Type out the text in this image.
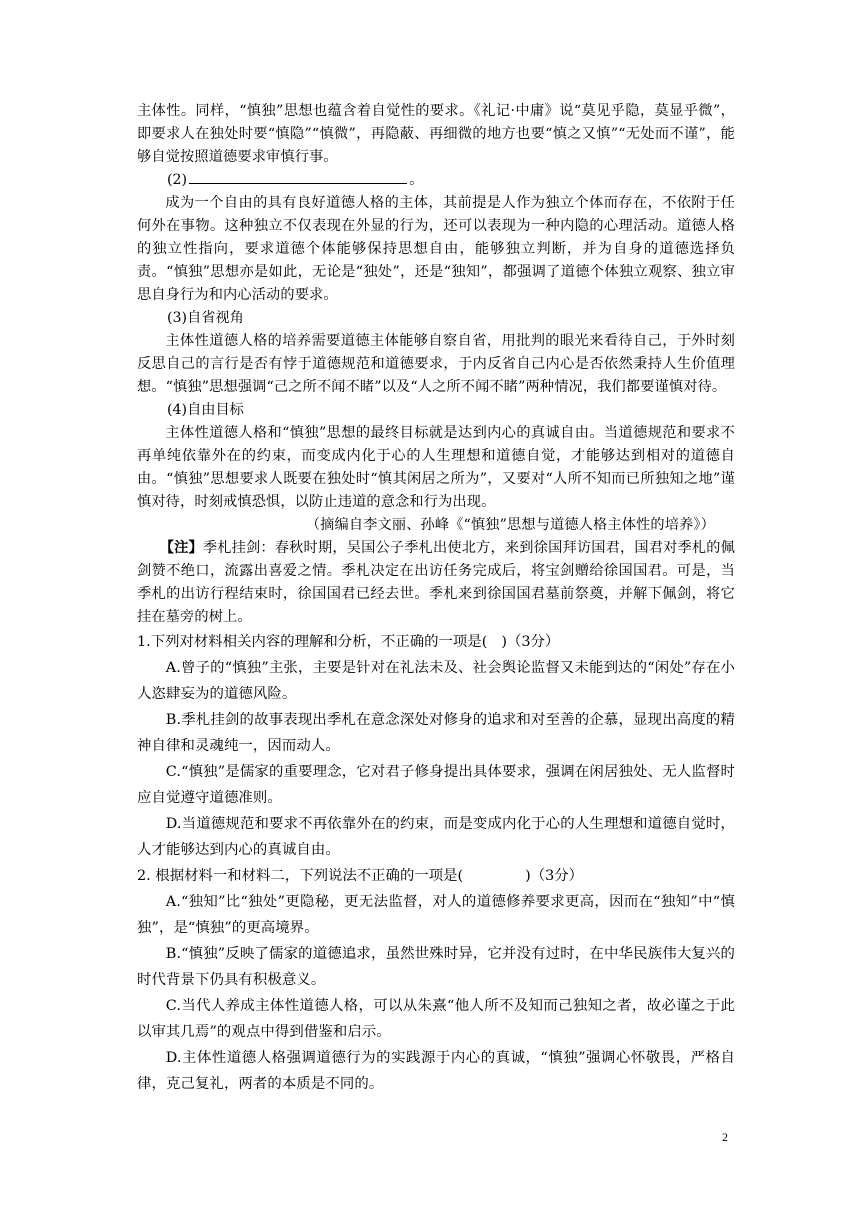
主体性。同样，“慎独”思想也蕴含着自觉性的要求。《礼记·中庸》说“莫见乎隐，莫显乎微”，即要求人在独处时要“慎隐”“慎微”，再隐蔽、再细微的地方也要“慎之又慎”“无处而不谨”，能够自觉按照道德要求审慎行事。

(2)	。

成为一个自由的具有良好道德人格的主体，其前提是人作为独立个体而存在，不依附于任何外在事物。这种独立不仅表现在外显的行为，还可以表现为一种内隐的心理活动。道德人格的独立性指向，要求道德个体能够保持思想自由，能够独立判断，并为自身的道德选择负责。“慎独”思想亦是如此，无论是“独处”，还是“独知”，都强调了道德个体独立观察、独立审思自身行为和内心活动的要求。

(3)自省视角

主体性道德人格的培养需要道德主体能够自察自省，用批判的眼光来看待自己，于外时刻反思自己的言行是否有悖于道德规范和道德要求，于内反省自己内心是否依然秉持人生价值理想。“慎独”思想强调“己之所不闻不睹”以及“人之所不闻不睹”两种情况，我们都要谨慎对待。

(4)自由目标

主体性道德人格和“慎独”思想的最终目标就是达到内心的真诚自由。当道德规范和要求不再单纯依靠外在的约束，而变成内化于心的人生理想和道德自觉，才能够达到相对的道德自由。“慎独”思想要求人既要在独处时“慎其闲居之所为”，又要对“人所不知而已所独知之地”谨慎对待，时刻戒慎恐惧，以防止违道的意念和行为出现。

（摘编自李文丽、孙峰《“慎独”思想与道德人格主体性的培养》）

【注】季札挂剑：春秋时期，吴国公子季札出使北方，来到徐国拜访国君，国君对季札的佩剑赞不绝口，流露出喜爱之情。季札决定在出访任务完成后，将宝剑赠给徐国国君。可是，当季札的出访行程结束时，徐国国君已经去世。季札来到徐国国君墓前祭奠，并解下佩剑，将它挂在墓旁的树上。

1.下列对材料相关内容的理解和分析，不正确的一项是( )（3分）

A.曾子的“慎独”主张，主要是针对在礼法未及、社会舆论监督又未能到达的“闲处”存在小人恣肆妄为的道德风险。

B.季札挂剑的故事表现出季札在意念深处对修身的追求和对至善的企慕，显现出高度的精神自律和灵魂纯一，因而动人。

C.“慎独”是儒家的重要理念，它对君子修身提出具体要求，强调在闲居独处、无人监督时应自觉遵守道德准则。

D.当道德规范和要求不再依靠外在的约束，而是变成内化于心的人生理想和道德自觉时，人才能够达到内心的真诚自由。

2. 根据材料一和材料二，下列说法不正确的一项是(	)（3分）

A.“独知”比“独处”更隐秘，更无法监督，对人的道德修养要求更高，因而在“独知”中“慎独”，是“慎独”的更高境界。

B.“慎独”反映了儒家的道德追求，虽然世殊时异，它并没有过时，在中华民族伟大复兴的时代背景下仍具有积极意义。

C.当代人养成主体性道德人格，可以从朱熹“他人所不及知而己独知之者，故必谨之于此以审其几焉”的观点中得到借鉴和启示。

D.主体性道德人格强调道德行为的实践源于内心的真诚，“慎独”强调心怀敬畏，严格自律，克己复礼，两者的本质是不同的。

2
